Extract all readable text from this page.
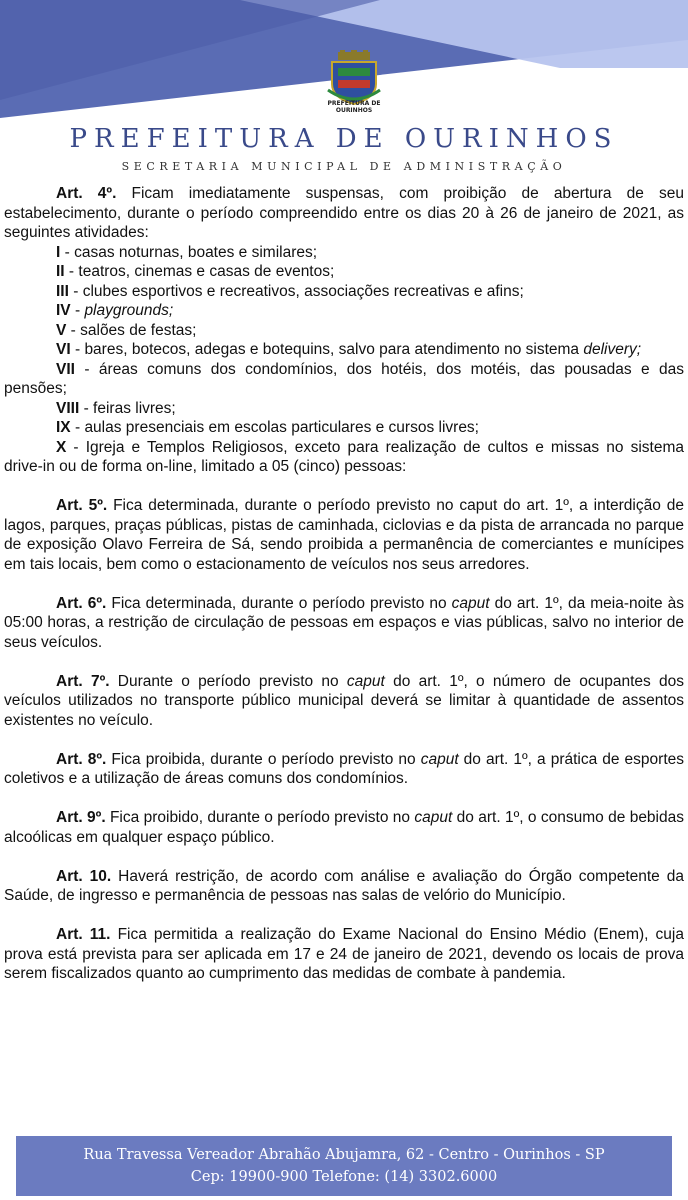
PREFEITURA DE OURINHOS
PREFEITURA DE OURINHOS
SECRETARIA MUNICIPAL DE ADMINISTRAÇÃO

Art. 4º. Ficam imediatamente suspensas, com proibição de abertura de seu estabelecimento, durante o período compreendido entre os dias 20 à 26 de janeiro de 2021, as seguintes atividades:

I - casas noturnas, boates e similares;

II - teatros, cinemas e casas de eventos;

III - clubes esportivos e recreativos, associações recreativas e afins;

IV - playgrounds;

V - salões de festas;

VI - bares, botecos, adegas e botequins, salvo para atendimento no sistema delivery;

VII - áreas comuns dos condomínios, dos hotéis, dos motéis, das pousadas e das pensões;

VIII - feiras livres;

IX - aulas presenciais em escolas particulares e cursos livres;

X - Igreja e Templos Religiosos, exceto para realização de cultos e missas no sistema drive-in ou de forma on-line, limitado a 05 (cinco) pessoas:

Art. 5º. Fica determinada, durante o período previsto no caput do art. 1º, a interdição de lagos, parques, praças públicas, pistas de caminhada, ciclovias e da pista de arrancada no parque de exposição Olavo Ferreira de Sá, sendo proibida a permanência de comerciantes e munícipes em tais locais, bem como o estacionamento de veículos nos seus arredores.

Art. 6º. Fica determinada, durante o período previsto no caput do art. 1º, da meia-noite às 05:00 horas, a restrição de circulação de pessoas em espaços e vias públicas, salvo no interior de seus veículos.

Art. 7º. Durante o período previsto no caput do art. 1º, o número de ocupantes dos veículos utilizados no transporte público municipal deverá se limitar à quantidade de assentos existentes no veículo.

Art. 8º. Fica proibida, durante o período previsto no caput do art. 1º, a prática de esportes coletivos e a utilização de áreas comuns dos condomínios.

Art. 9º. Fica proibido, durante o período previsto no caput do art. 1º, o consumo de bebidas alcoólicas em qualquer espaço público.

Art. 10. Haverá restrição, de acordo com análise e avaliação do Órgão competente da Saúde, de ingresso e permanência de pessoas nas salas de velório do Município.

Art. 11. Fica permitida a realização do Exame Nacional do Ensino Médio (Enem), cuja prova está prevista para ser aplicada em 17 e 24 de janeiro de 2021, devendo os locais de prova serem fiscalizados quanto ao cumprimento das medidas de combate à pandemia.

Rua Travessa Vereador Abrahão Abujamra, 62 - Centro - Ourinhos - SP
Cep: 19900-900 Telefone: (14) 3302.6000
